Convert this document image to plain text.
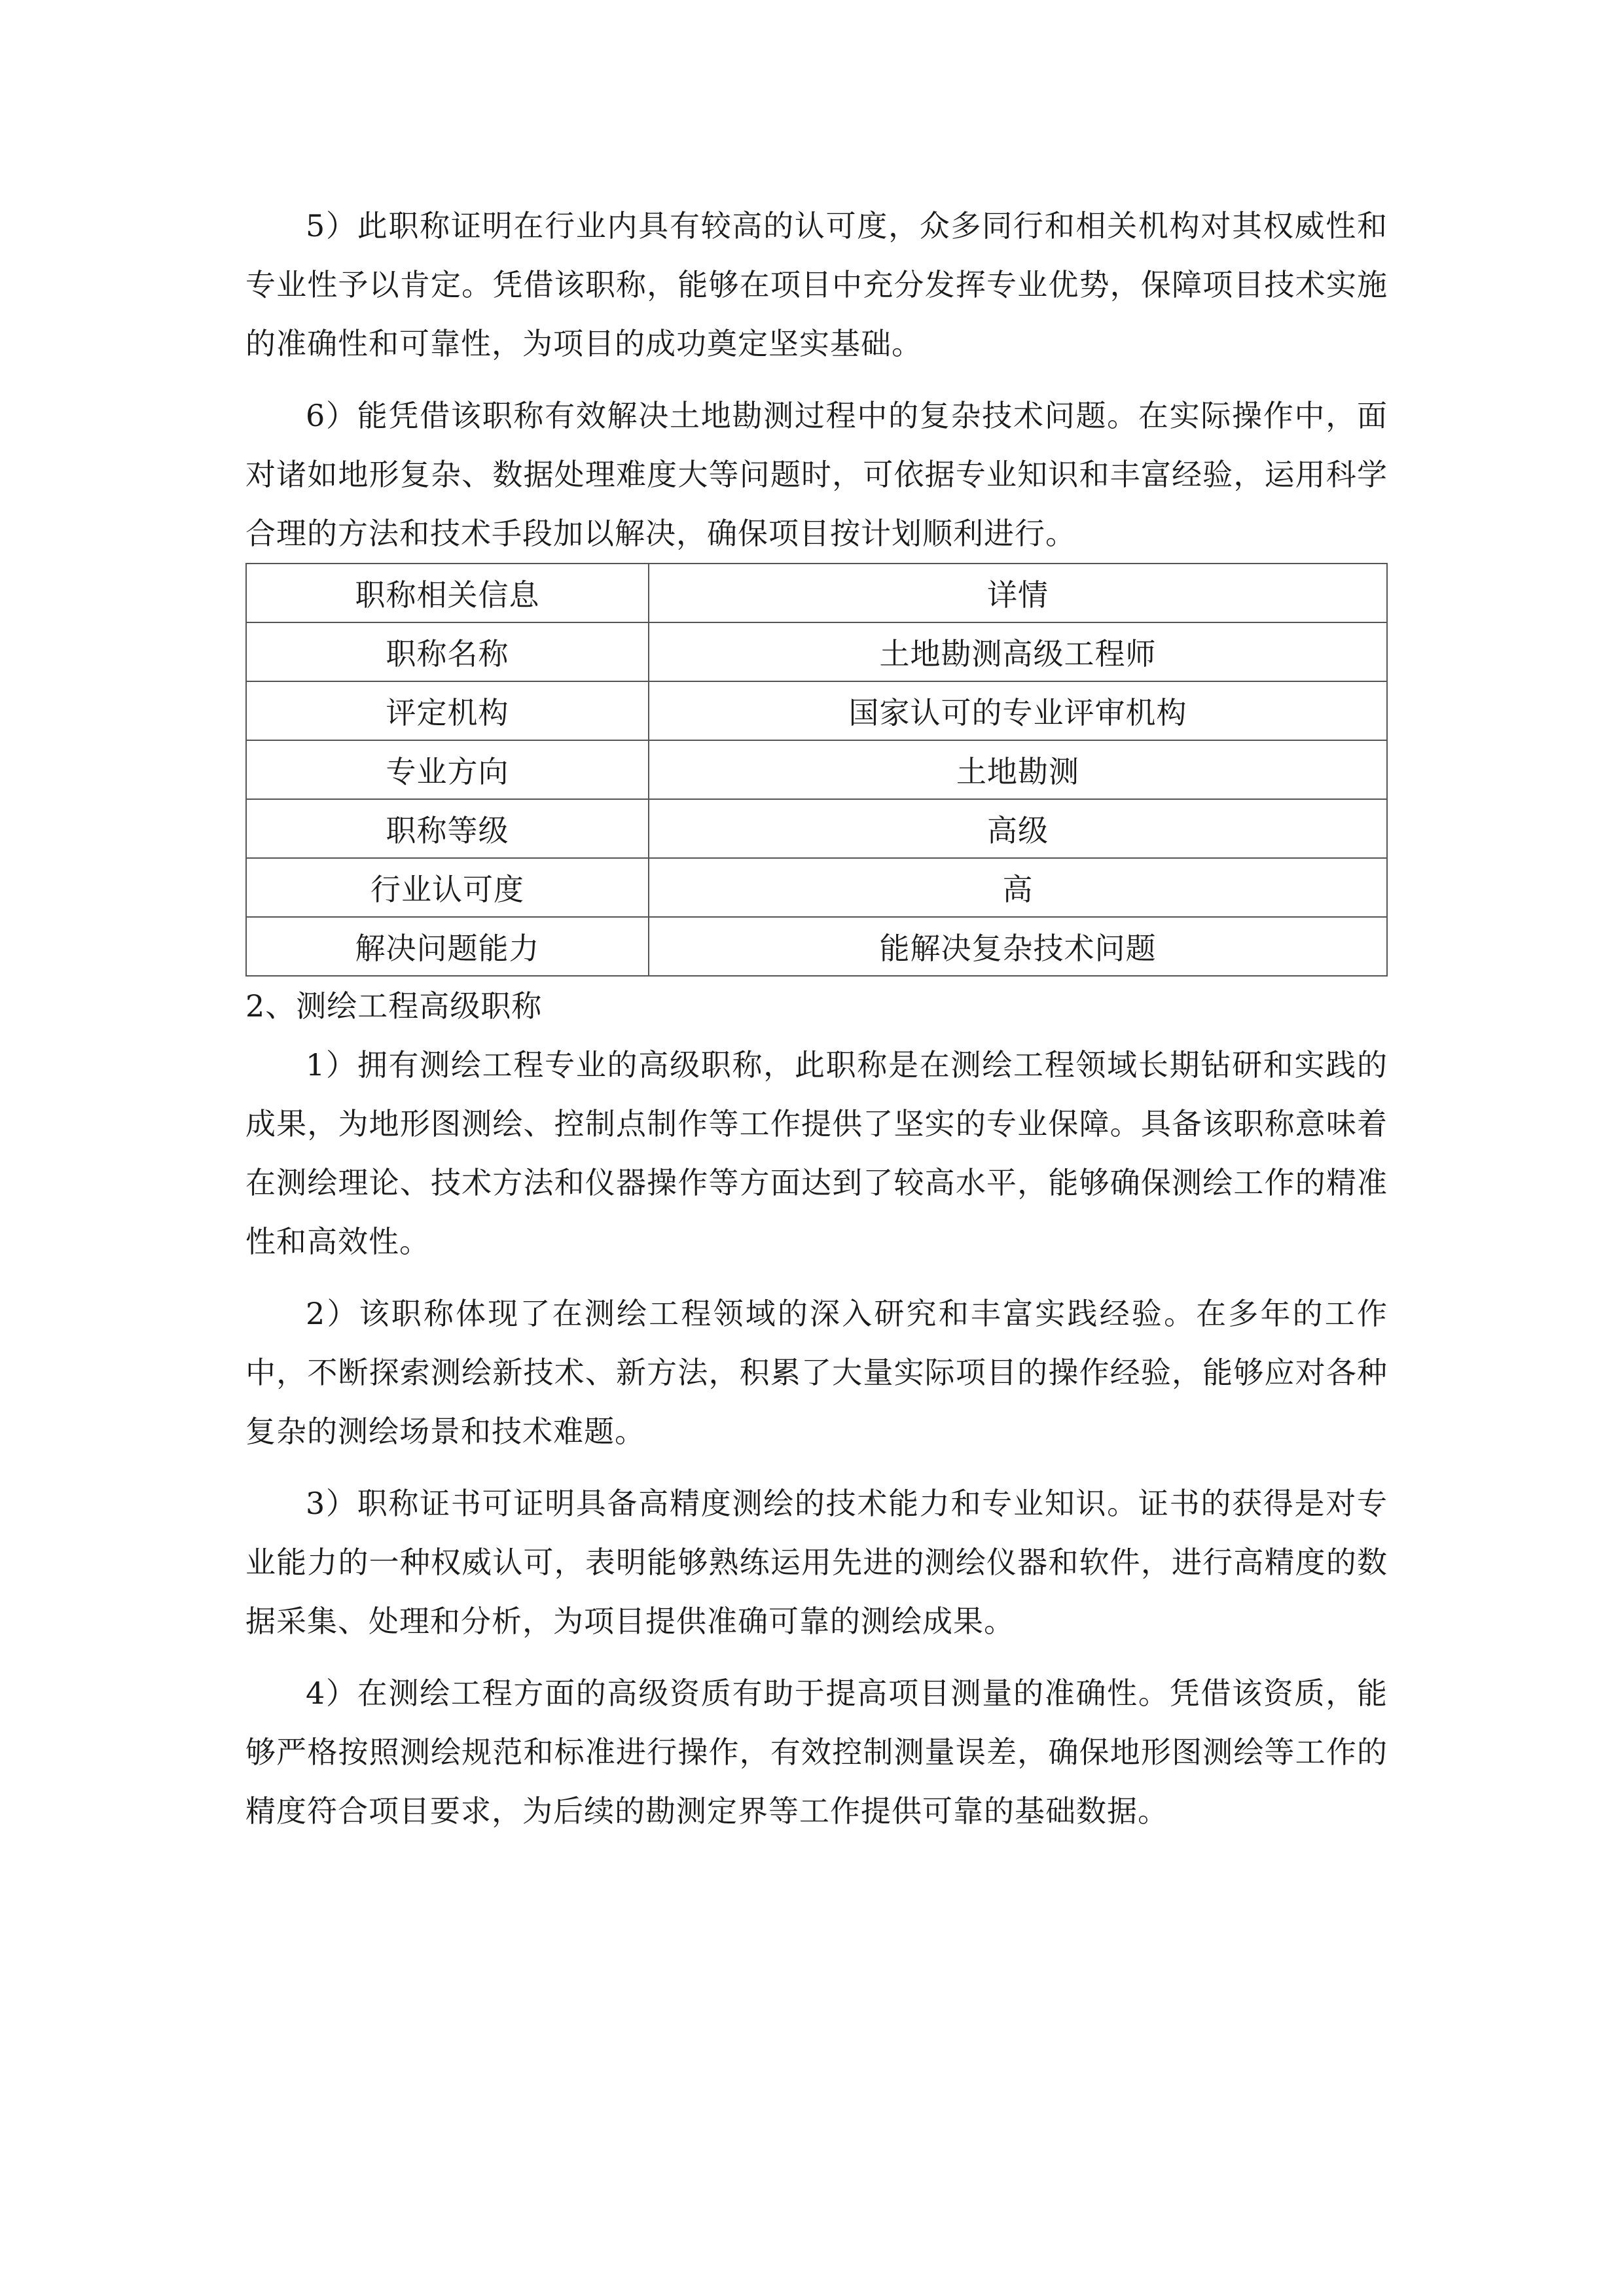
5）此职称证明在行业内具有较高的认可度，众多同行和相关机构对其权威性和专业性予以肯定。凭借该职称，能够在项目中充分发挥专业优势，保障项目技术实施的准确性和可靠性，为项目的成功奠定坚实基础。

6）能凭借该职称有效解决土地勘测过程中的复杂技术问题。在实际操作中，面对诸如地形复杂、数据处理难度大等问题时，可依据专业知识和丰富经验，运用科学合理的方法和技术手段加以解决，确保项目按计划顺利进行。

职称相关信息	详情
职称名称	土地勘测高级工程师
评定机构	国家认可的专业评审机构
专业方向	土地勘测
职称等级	高级
行业认可度	高
解决问题能力	能解决复杂技术问题

2、测绘工程高级职称

1）拥有测绘工程专业的高级职称，此职称是在测绘工程领域长期钻研和实践的成果，为地形图测绘、控制点制作等工作提供了坚实的专业保障。具备该职称意味着在测绘理论、技术方法和仪器操作等方面达到了较高水平，能够确保测绘工作的精准性和高效性。

2）该职称体现了在测绘工程领域的深入研究和丰富实践经验。在多年的工作中，不断探索测绘新技术、新方法，积累了大量实际项目的操作经验，能够应对各种复杂的测绘场景和技术难题。

3）职称证书可证明具备高精度测绘的技术能力和专业知识。证书的获得是对专业能力的一种权威认可，表明能够熟练运用先进的测绘仪器和软件，进行高精度的数据采集、处理和分析，为项目提供准确可靠的测绘成果。

4）在测绘工程方面的高级资质有助于提高项目测量的准确性。凭借该资质，能够严格按照测绘规范和标准进行操作，有效控制测量误差，确保地形图测绘等工作的精度符合项目要求，为后续的勘测定界等工作提供可靠的基础数据。
